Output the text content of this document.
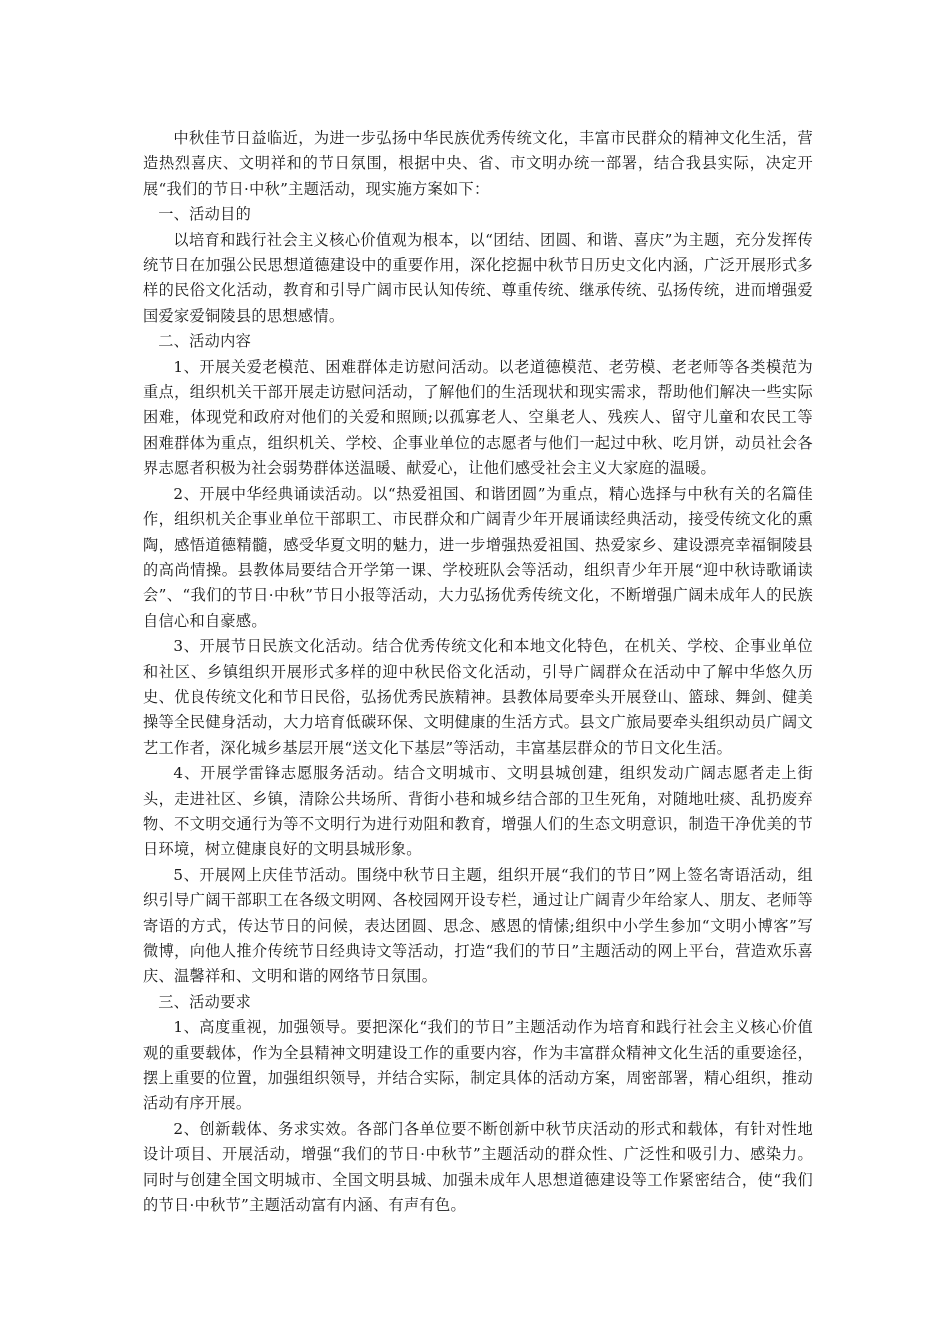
中秋佳节日益临近，为进一步弘扬中华民族优秀传统文化，丰富市民群众的精神文化生活，营造热烈喜庆、文明祥和的节日氛围，根据中央、省、市文明办统一部署，结合我县实际，决定开展“我们的节日·中秋”主题活动，现实施方案如下：

一、活动目的

以培育和践行社会主义核心价值观为根本，以“团结、团圆、和谐、喜庆”为主题，充分发挥传统节日在加强公民思想道德建设中的重要作用，深化挖掘中秋节日历史文化内涵，广泛开展形式多样的民俗文化活动，教育和引导广阔市民认知传统、尊重传统、继承传统、弘扬传统，进而增强爱国爱家爱铜陵县的思想感情。

二、活动内容

1、开展关爱老模范、困难群体走访慰问活动。以老道德模范、老劳模、老老师等各类模范为重点，组织机关干部开展走访慰问活动，了解他们的生活现状和现实需求，帮助他们解决一些实际困难，体现党和政府对他们的关爱和照顾;以孤寡老人、空巢老人、残疾人、留守儿童和农民工等困难群体为重点，组织机关、学校、企事业单位的志愿者与他们一起过中秋、吃月饼，动员社会各界志愿者积极为社会弱势群体送温暖、献爱心，让他们感受社会主义大家庭的温暖。

2、开展中华经典诵读活动。以“热爱祖国、和谐团圆”为重点，精心选择与中秋有关的名篇佳作，组织机关企事业单位干部职工、市民群众和广阔青少年开展诵读经典活动，接受传统文化的熏陶，感悟道德精髓，感受华夏文明的魅力，进一步增强热爱祖国、热爱家乡、建设漂亮幸福铜陵县的高尚情操。县教体局要结合开学第一课、学校班队会等活动，组织青少年开展“迎中秋诗歌诵读会”、“我们的节日·中秋”节日小报等活动，大力弘扬优秀传统文化，不断增强广阔未成年人的民族自信心和自豪感。

3、开展节日民族文化活动。结合优秀传统文化和本地文化特色，在机关、学校、企事业单位和社区、乡镇组织开展形式多样的迎中秋民俗文化活动，引导广阔群众在活动中了解中华悠久历史、优良传统文化和节日民俗，弘扬优秀民族精神。县教体局要牵头开展登山、篮球、舞剑、健美操等全民健身活动，大力培育低碳环保、文明健康的生活方式。县文广旅局要牵头组织动员广阔文艺工作者，深化城乡基层开展“送文化下基层”等活动，丰富基层群众的节日文化生活。

4、开展学雷锋志愿服务活动。结合文明城市、文明县城创建，组织发动广阔志愿者走上街头，走进社区、乡镇，清除公共场所、背街小巷和城乡结合部的卫生死角，对随地吐痰、乱扔废弃物、不文明交通行为等不文明行为进行劝阻和教育，增强人们的生态文明意识，制造干净优美的节日环境，树立健康良好的文明县城形象。

5、开展网上庆佳节活动。围绕中秋节日主题，组织开展“我们的节日”网上签名寄语活动，组织引导广阔干部职工在各级文明网、各校园网开设专栏，通过让广阔青少年给家人、朋友、老师等寄语的方式，传达节日的问候，表达团圆、思念、感恩的情愫;组织中小学生参加“文明小博客”写微博，向他人推介传统节日经典诗文等活动，打造“我们的节日”主题活动的网上平台，营造欢乐喜庆、温馨祥和、文明和谐的网络节日氛围。

三、活动要求

1、高度重视，加强领导。要把深化“我们的节日”主题活动作为培育和践行社会主义核心价值观的重要载体，作为全县精神文明建设工作的重要内容，作为丰富群众精神文化生活的重要途径，摆上重要的位置，加强组织领导，并结合实际，制定具体的活动方案，周密部署，精心组织，推动活动有序开展。

2、创新载体、务求实效。各部门各单位要不断创新中秋节庆活动的形式和载体，有针对性地设计项目、开展活动，增强“我们的节日·中秋节”主题活动的群众性、广泛性和吸引力、感染力。同时与创建全国文明城市、全国文明县城、加强未成年人思想道德建设等工作紧密结合，使“我们的节日·中秋节”主题活动富有内涵、有声有色。
